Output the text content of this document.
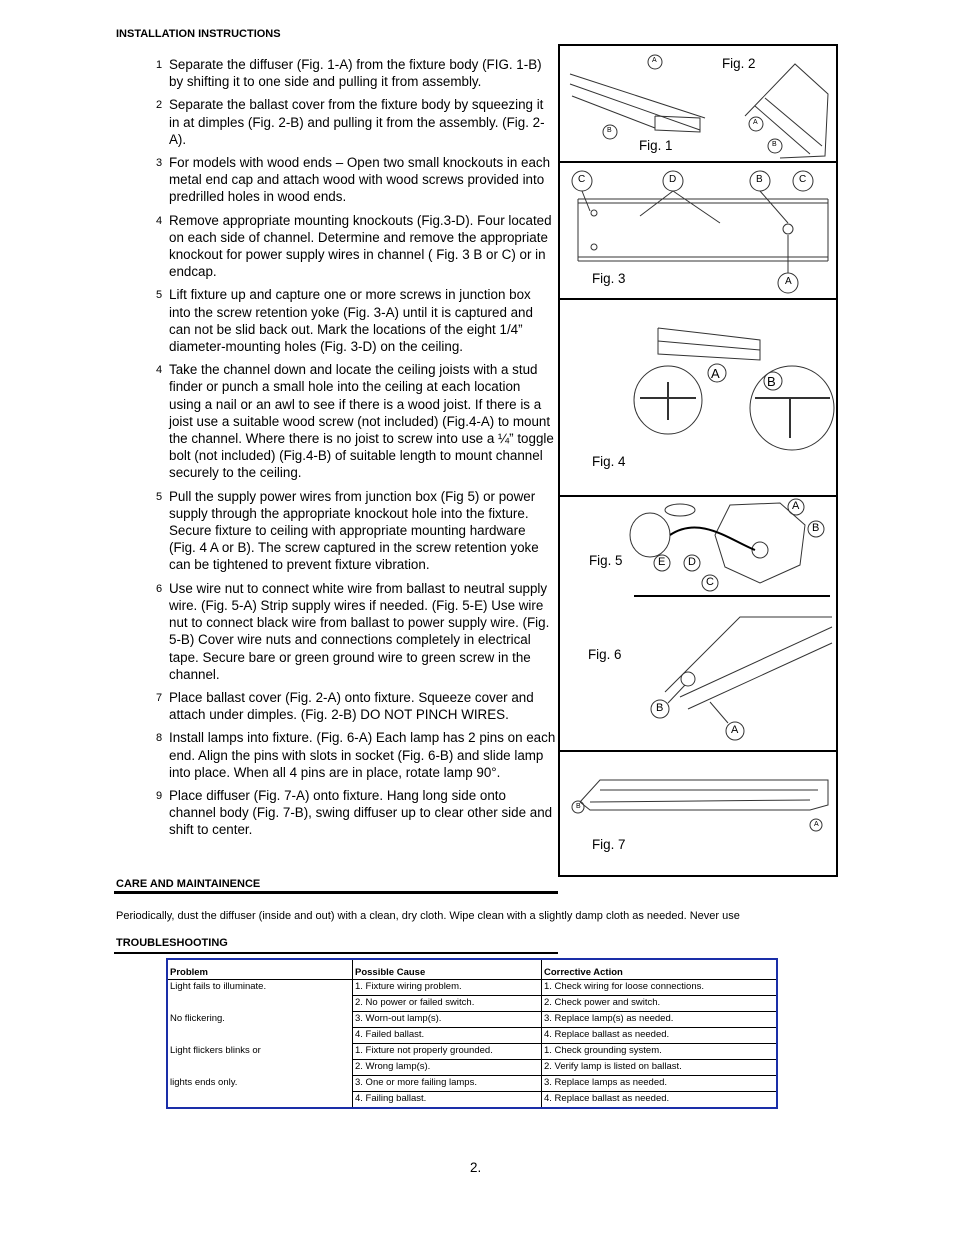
INSTALLATION INSTRUCTIONS
1 Separate the diffuser (Fig. 1-A) from the fixture body (FIG. 1-B) by shifting it to one side and pulling it from assembly.
2 Separate the ballast cover from the fixture body by squeezing it in at dimples (Fig. 2-B) and pulling it from the assembly. (Fig. 2-A).
3 For models with wood ends – Open two small knockouts in each metal end cap and attach wood with wood screws provided into predrilled holes in wood ends.
4 Remove appropriate mounting knockouts (Fig.3-D). Four located on each side of channel. Determine and remove the appropriate knockout for power supply wires in channel ( Fig. 3 B or C) or in endcap.
5 Lift fixture up and capture one or more screws in junction box into the screw retention yoke (Fig. 3-A) until it is captured and can not be slid back out. Mark the locations of the eight 1/4” diameter-mounting holes (Fig. 3-D) on the ceiling.
4 Take the channel down and locate the ceiling joists with a stud finder or punch a small hole into the ceiling at each location using a nail or an awl to see if there is a wood joist. If there is a joist use a suitable wood screw (not included) (Fig.4-A) to mount the channel. Where there is no joist to screw into use a ¼” toggle bolt (not included) (Fig.4-B) of suitable length to mount channel securely to the ceiling.
5 Pull the supply power wires from junction box (Fig 5) or power supply through the appropriate knockout hole into the fixture. Secure fixture to ceiling with appropriate mounting hardware (Fig. 4 A or B). The screw captured in the screw retention yoke can be tightened to prevent fixture vibration.
6 Use wire nut to connect white wire from ballast to neutral supply wire. (Fig. 5-A) Strip supply wires if needed. (Fig. 5-E) Use wire nut to connect black wire from ballast to power supply wire. (Fig. 5-B) Cover wire nuts and connections completely in electrical tape. Secure bare or green ground wire to green screw in the channel.
7 Place ballast cover (Fig. 2-A) onto fixture. Squeeze cover and attach under dimples. (Fig. 2-B) DO NOT PINCH WIRES.
8 Install lamps into fixture. (Fig. 6-A) Each lamp has 2 pins on each end. Align the pins with slots in socket (Fig. 6-B) and slide lamp into place. When all 4 pins are in place, rotate lamp 90°.
9 Place diffuser (Fig. 7-A) onto fixture. Hang long side onto channel body (Fig. 7-B), swing diffuser up to clear other side and shift to center.
Fig. 1
Fig. 2
A
B
A
B
C	D	B	C
A
Fig. 3
A
B
Fig. 4
A
B
E D
C
Fig. 5
B
A
Fig. 6
B
A
Fig. 7
CARE AND MAINTAINENCE
Periodically, dust the diffuser (inside and out) with a clean, dry cloth. Wipe clean with a slightly damp cloth as needed. Never use
TROUBLESHOOTING
Problem	Possible Cause	Corrective Action
Light fails to illuminate.	1. Fixture wiring problem.	1. Check wiring for loose connections.
	2. No power or failed switch.	2. Check power and switch.
No flickering.	3. Worn-out lamp(s).	3. Replace lamp(s) as needed.
	4. Failed ballast.	4. Replace ballast as needed.
Light flickers blinks or	1. Fixture not properly grounded.	1. Check grounding system.
	2. Wrong lamp(s).	2. Verify lamp is listed on ballast.
lights ends only.	3. One or more failing lamps.	3. Replace lamps as needed.
	4. Failing ballast.	4. Replace ballast as needed.
2.
